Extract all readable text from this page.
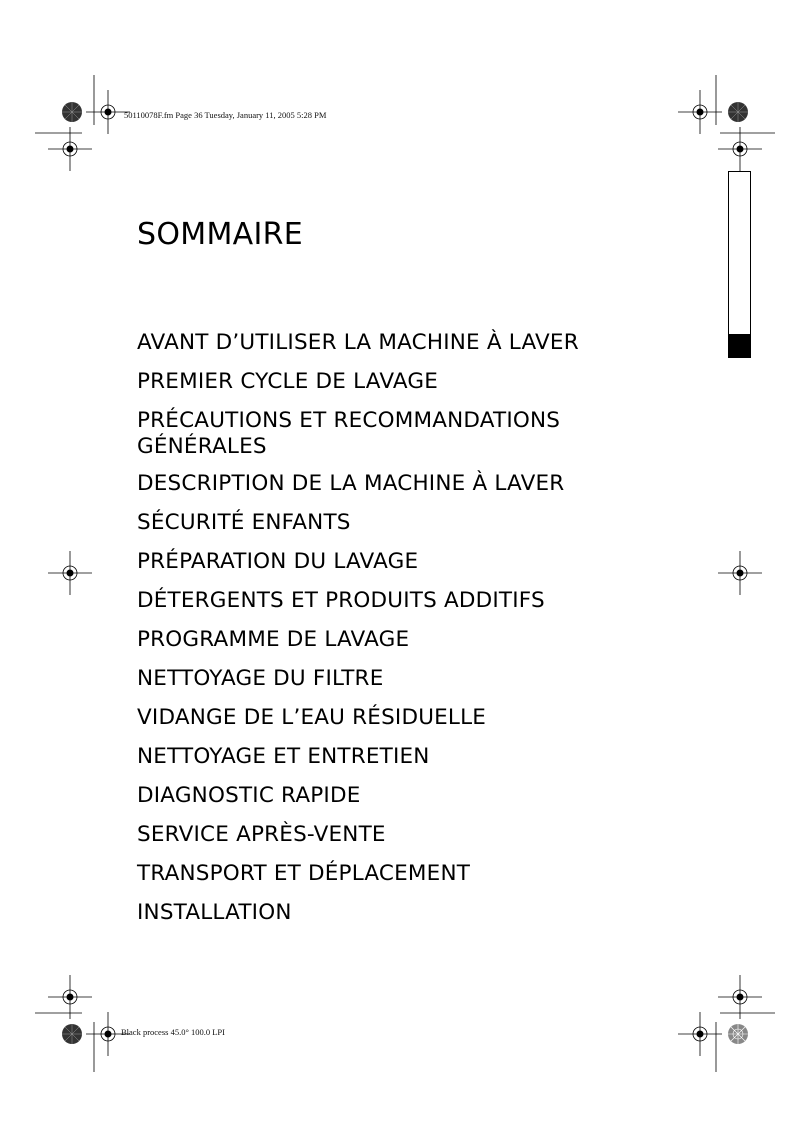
50110078F.fm Page 36 Tuesday, January 11, 2005 5:28 PM
SOMMAIRE
AVANT D’UTILISER LA MACHINE À LAVER
PREMIER CYCLE DE LAVAGE
PRÉCAUTIONS ET RECOMMANDATIONS GÉNÉRALES
DESCRIPTION DE LA MACHINE À LAVER
SÉCURITÉ ENFANTS
PRÉPARATION DU LAVAGE
DÉTERGENTS ET PRODUITS ADDITIFS
PROGRAMME DE LAVAGE
NETTOYAGE DU FILTRE
VIDANGE DE L’EAU RÉSIDUELLE
NETTOYAGE ET ENTRETIEN
DIAGNOSTIC RAPIDE
SERVICE APRÈS-VENTE
TRANSPORT ET DÉPLACEMENT
INSTALLATION
Black process 45.0° 100.0 LPI
